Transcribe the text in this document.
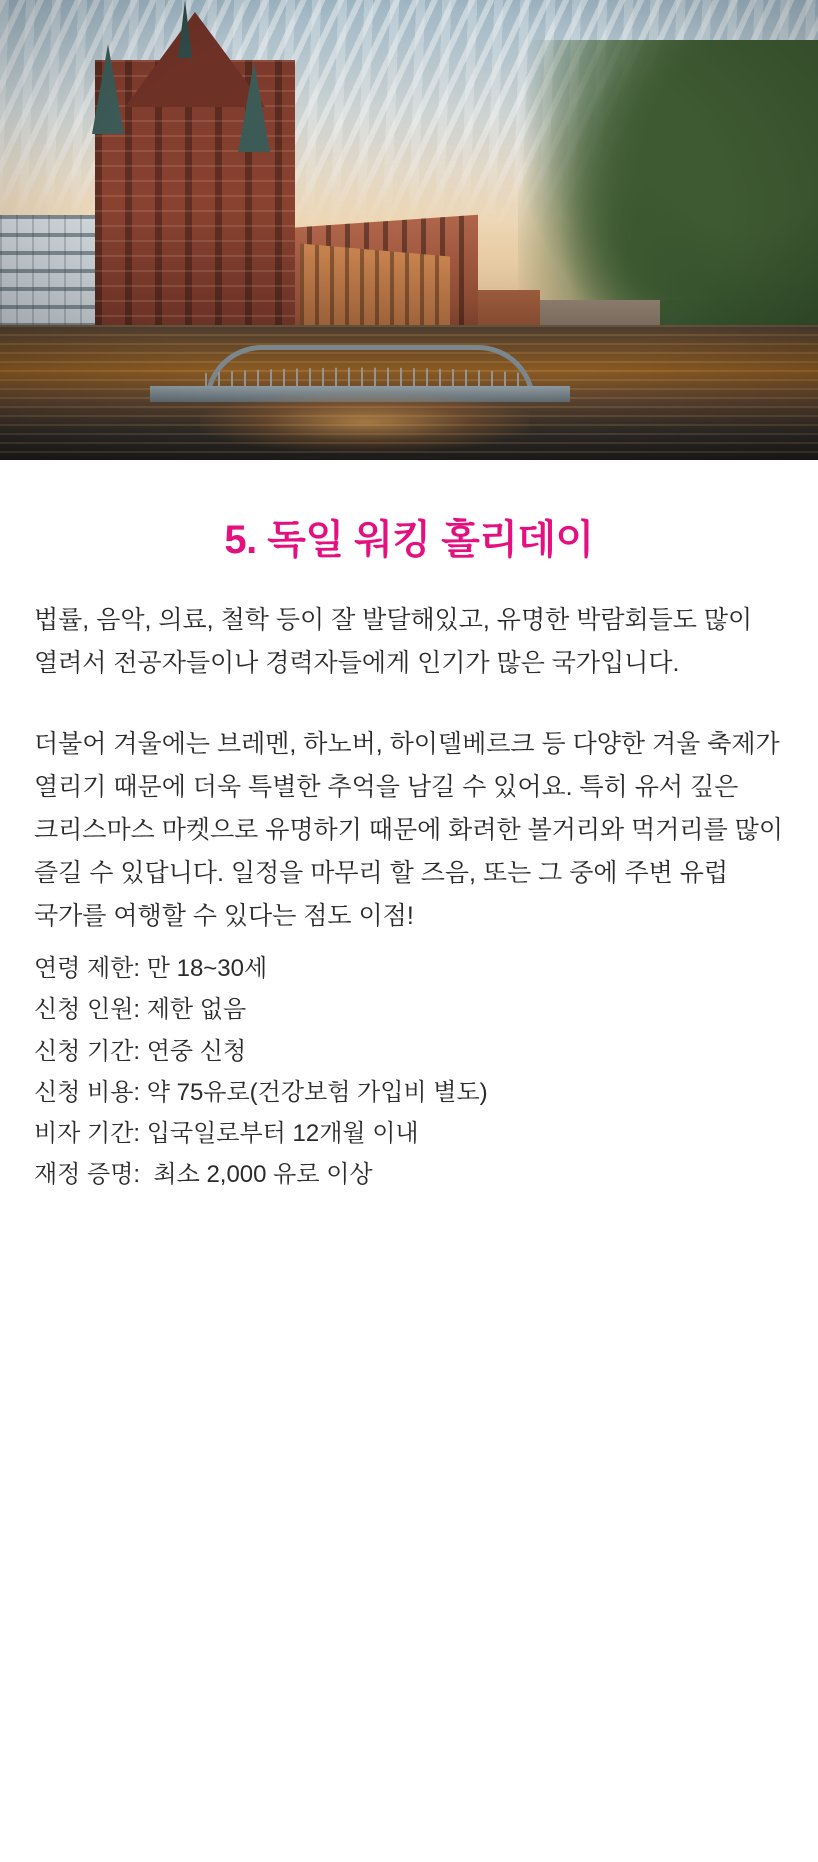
5. 독일 워킹 홀리데이

법률, 음악, 의료, 철학 등이 잘 발달해있고, 유명한 박람회들도 많이 열려서 전공자들이나 경력자들에게 인기가 많은 국가입니다.

더불어 겨울에는 브레멘, 하노버, 하이델베르크 등 다양한 겨울 축제가 열리기 때문에 더욱 특별한 추억을 남길 수 있어요. 특히 유서 깊은 크리스마스 마켓으로 유명하기 때문에 화려한 볼거리와 먹거리를 많이 즐길 수 있답니다. 일정을 마무리 할 즈음, 또는 그 중에 주변 유럽 국가를 여행할 수 있다는 점도 이점!

연령 제한: 만 18~30세
신청 인원: 제한 없음
신청 기간: 연중 신청
신청 비용: 약 75유로(건강보험 가입비 별도)
비자 기간: 입국일로부터 12개월 이내
재정 증명:  최소 2,000 유로 이상
